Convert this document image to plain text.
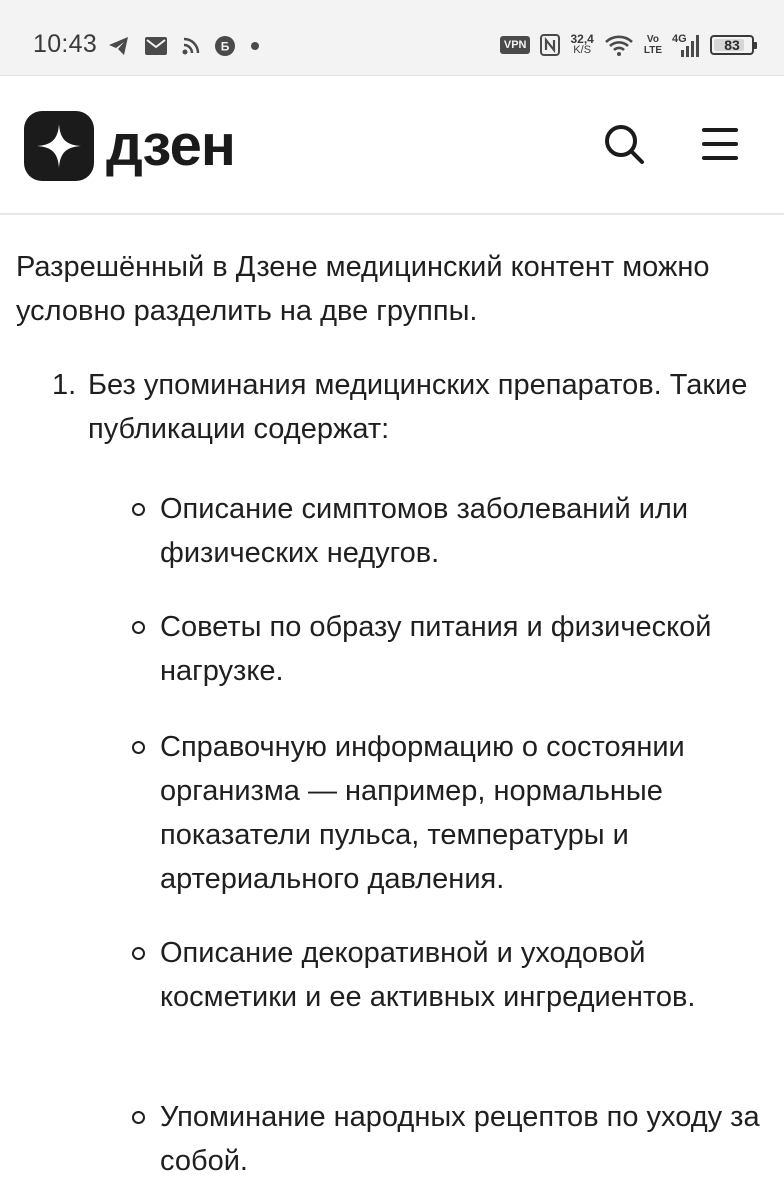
10:43	Б	VPN	32,4
K/S
Vo
LTE
4G	83
дзен

Разрешённый в Дзене медицинский контент можно условно разделить на две группы.

1. Без упоминания медицинских препаратов. Такие публикации содержат:
Описание симптомов заболеваний или физических недугов.
Советы по образу питания и физической нагрузке.
Справочную информацию о состоянии организма — например, нормальные показатели пульса, температуры и артериального давления.
Описание декоративной и уходовой косметики и ее активных ингредиентов.
Упоминание народных рецептов по уходу за собой.
